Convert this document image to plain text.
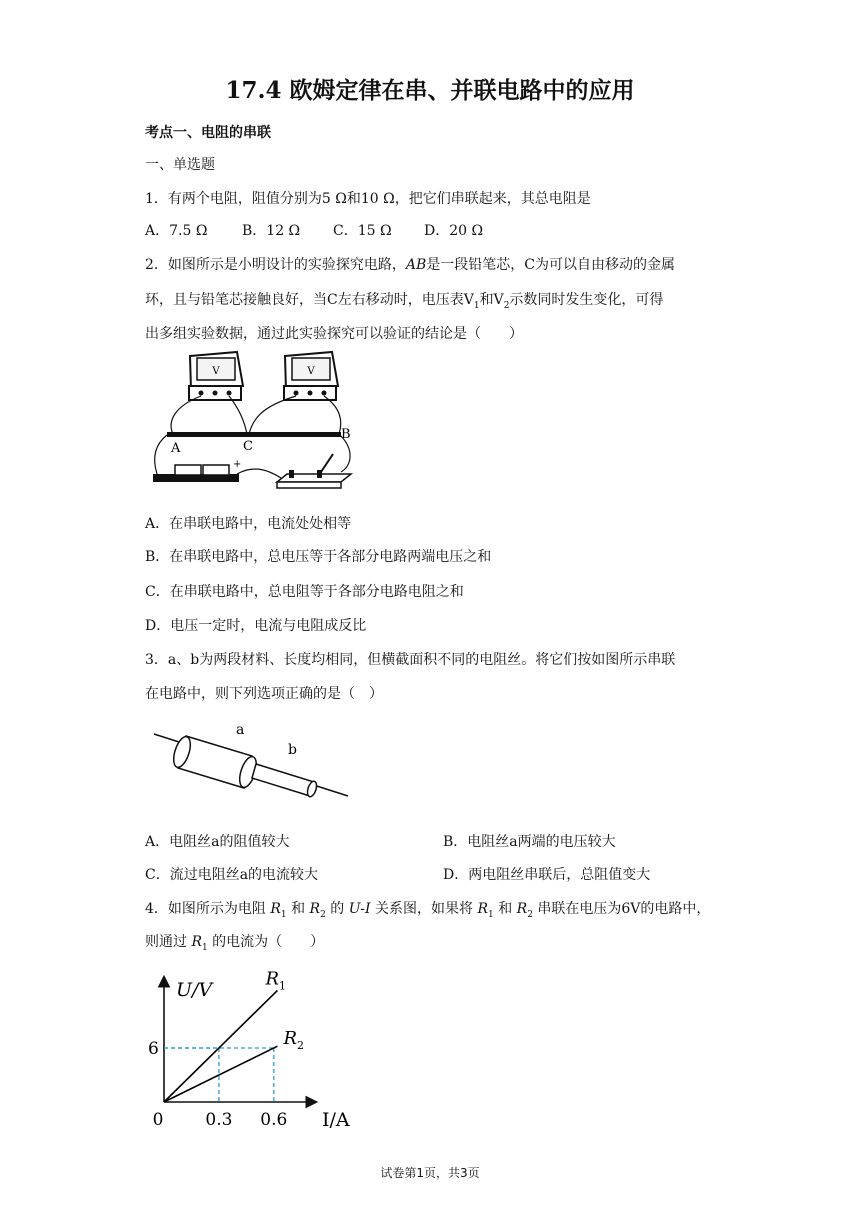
17.4 欧姆定律在串、并联电路中的应用
考点一、电阻的串联
一、单选题
1．有两个电阻，阻值分别为5 Ω和10 Ω，把它们串联起来，其总电阻是
A．7.5 Ω B．12 Ω C．15 Ω D．20 Ω
2．如图所示是小明设计的实验探究电路，AB是一段铅笔芯，C为可以自由移动的金属
环，且与铅笔芯接触良好，当C左右移动时，电压表$V_1$和$V_2$示数同时发生变化，可得
出多组实验数据，通过此实验探究可以验证的结论是（　　）
V	V
A	C
B
+
A．在串联电路中，电流处处相等
B．在串联电路中，总电压等于各部分电路两端电压之和
C．在串联电路中，总电阻等于各部分电路电阻之和
D．电压一定时，电流与电阻成反比
3．a、b为两段材料、长度均相同，但横截面积不同的电阻丝。将它们按如图所示串联
在电路中，则下列选项正确的是（　）
a
b
A．电阻丝a的阻值较大	B．电阻丝a两端的电压较大
C．流过电阻丝a的电流较大	D．两电阻丝串联后，总阻值变大
4．如图所示为电阻 $R_1$ 和 $R_2$ 的 U-I 关系图，如果将 $R_1$ 和 $R_2$ 串联在电压为6V的电路中，
则通过 $R_1$ 的电流为（　　）
U/V
I/A
0 0.3 0.6
6
$R_1$
$R_2$
试卷第1页，共3页
